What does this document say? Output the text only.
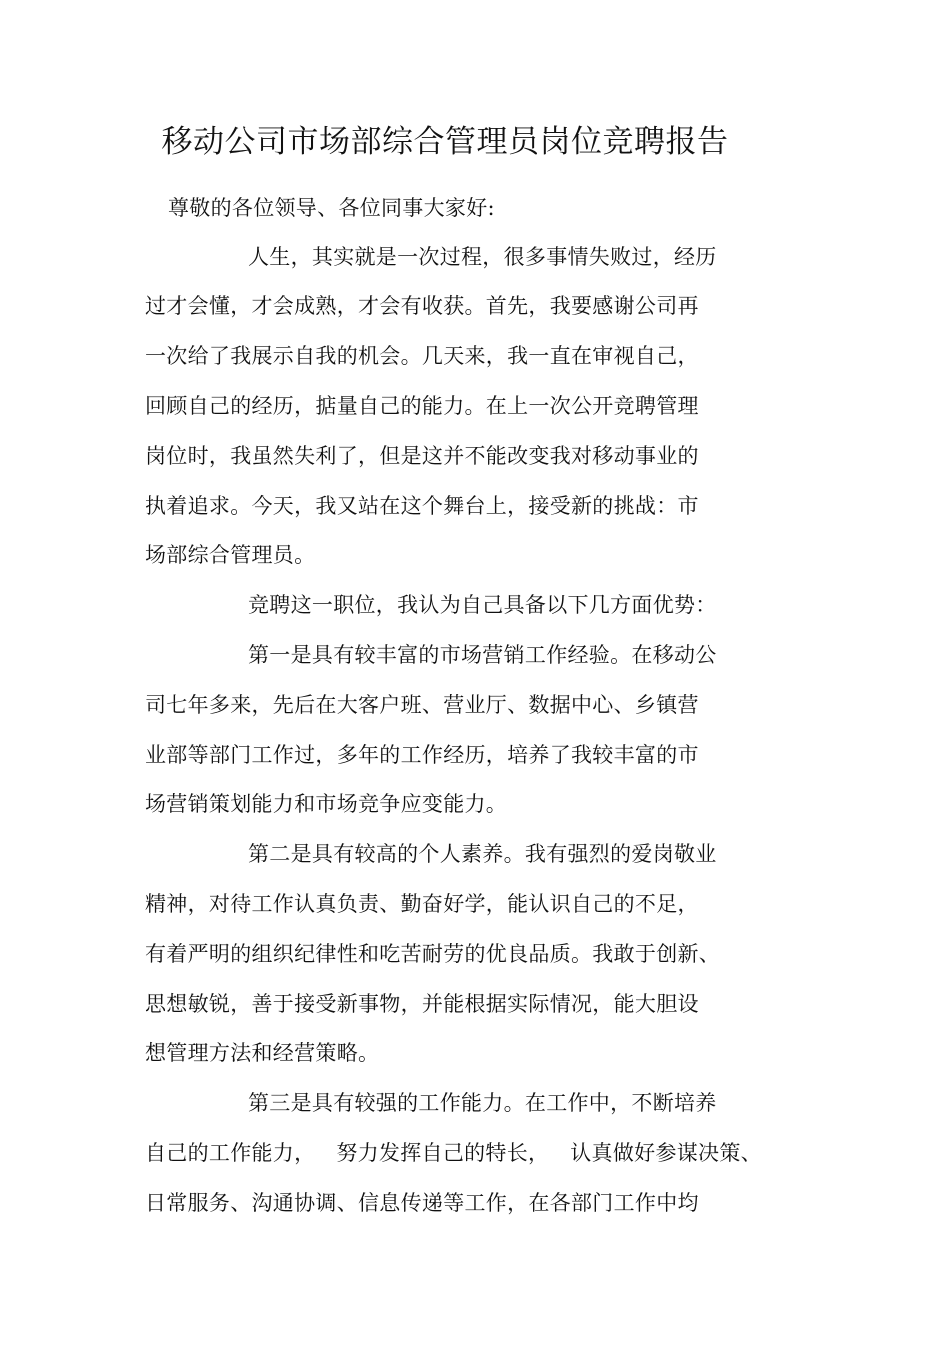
移动公司市场部综合管理员岗位竞聘报告
尊敬的各位领导、各位同事大家好:
人生，其实就是一次过程，很多事情失败过，经历
过才会懂，才会成熟，才会有收获。首先，我要感谢公司再
一次给了我展示自我的机会。几天来，我一直在审视自己，
回顾自己的经历，掂量自己的能力。在上一次公开竞聘管理
岗位时，我虽然失利了，但是这并不能改变我对移动事业的
执着追求。今天，我又站在这个舞台上，接受新的挑战：市
场部综合管理员。
竞聘这一职位，我认为自己具备以下几方面优势：
第一是具有较丰富的市场营销工作经验。在移动公
司七年多来，先后在大客户班、营业厅、数据中心、乡镇营
业部等部门工作过，多年的工作经历，培养了我较丰富的市
场营销策划能力和市场竞争应变能力。
第二是具有较高的个人素养。我有强烈的爱岗敬业
精神，对待工作认真负责、勤奋好学，能认识自己的不足，
有着严明的组织纪律性和吃苦耐劳的优良品质。我敢于创新、
思想敏锐，善于接受新事物，并能根据实际情况，能大胆设
想管理方法和经营策略。
第三是具有较强的工作能力。在工作中，不断培养
自己的工作能力，   努力发挥自己的特长，   认真做好参谋决策、
日常服务、沟通协调、信息传递等工作，在各部门工作中均
